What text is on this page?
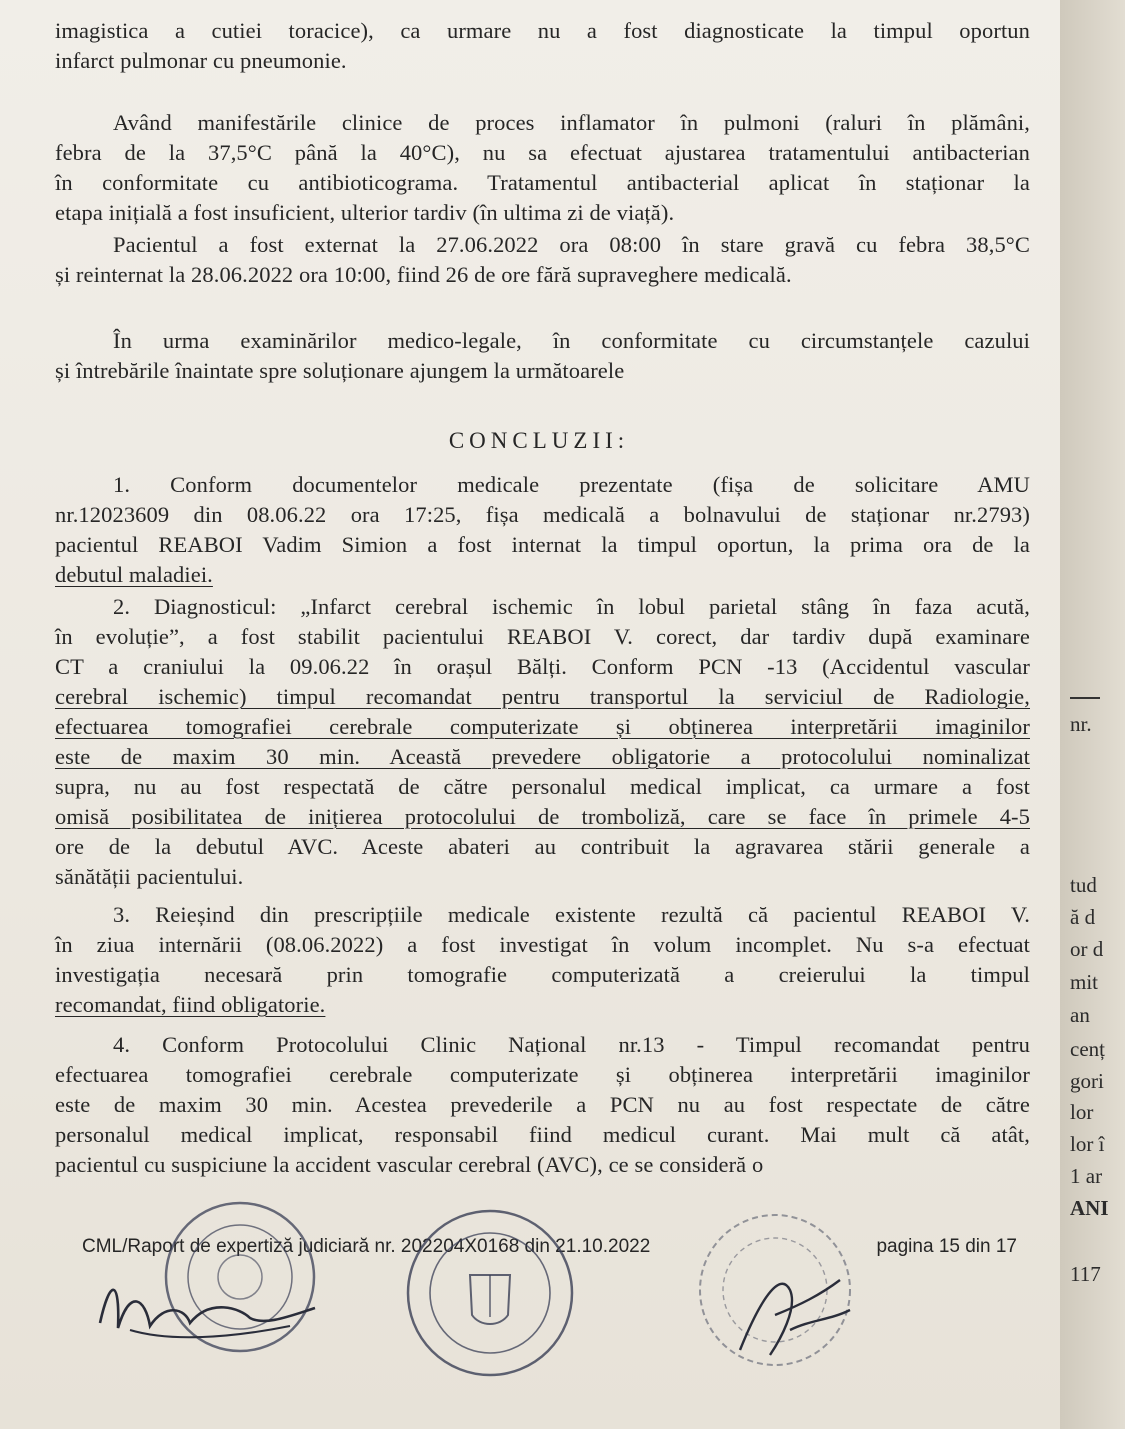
imagistica a cutiei toracice), ca urmare nu a fost diagnosticate la timpul oportun
infarct pulmonar cu pneumonie.
Având manifestările clinice de proces inflamator în pulmoni (raluri în plămâni,
febra de la 37,5°C până la 40°C), nu sa efectuat ajustarea tratamentului antibacterian
în conformitate cu antibioticograma. Tratamentul antibacterial aplicat în staționar la
etapa inițială a fost insuficient, ulterior tardiv (în ultima zi de viață).
Pacientul a fost externat la 27.06.2022 ora 08:00 în stare gravă cu febra 38,5°C
și reinternat la 28.06.2022 ora 10:00, fiind 26 de ore fără supraveghere medicală.
În urma examinărilor medico-legale, în conformitate cu circumstanțele cazului
și întrebările înaintate spre soluționare ajungem la următoarele
CONCLUZII:
1. Conform documentelor medicale prezentate (fișa de solicitare AMU
nr.12023609 din 08.06.22 ora 17:25, fișa medicală a bolnavului de staționar nr.2793)
pacientul REABOI Vadim Simion a fost internat la timpul oportun, la prima ora de la
debutul maladiei.
2. Diagnosticul: „Infarct cerebral ischemic în lobul parietal stâng în faza acută,
în evoluție”, a fost stabilit pacientului REABOI V. corect, dar tardiv după examinare
CT a craniului la 09.06.22 în orașul Bălți. Conform PCN -13 (Accidentul vascular
cerebral ischemic) timpul recomandat pentru transportul la serviciul de Radiologie,
efectuarea tomografiei cerebrale computerizate și obținerea interpretării imaginilor
este de maxim 30 min. Această prevedere obligatorie a protocolului nominalizat
supra, nu au fost respectată de către personalul medical implicat, ca urmare a fost
omisă posibilitatea de inițierea protocolului de tromboliză, care se face în primele 4-5
ore de la debutul AVC. Aceste abateri au contribuit la agravarea stării generale a
sănătății pacientului.
3. Reieșind din prescripțiile medicale existente rezultă că pacientul REABOI V.
în ziua internării (08.06.2022) a fost investigat în volum incomplet. Nu s-a efectuat
investigația necesară prin tomografie computerizată a creierului la timpul
recomandat, fiind obligatorie.
4. Conform Protocolului Clinic Național nr.13 - Timpul recomandat pentru
efectuarea tomografiei cerebrale computerizate și obținerea interpretării imaginilor
este de maxim 30 min. Acestea prevederile a PCN nu au fost respectate de către
personalul medical implicat, responsabil fiind medicul curant. Mai mult că atât,
pacientul cu suspiciune la accident vascular cerebral (AVC), ce se consideră o
CML/Raport de expertiză judiciară nr. 202204X0168 din 21.10.2022	pagina 15 din 17
nr.
tud
ă d
or d
mit
an
cenț
gori
lor
lor î
1 ar
ANI
117
